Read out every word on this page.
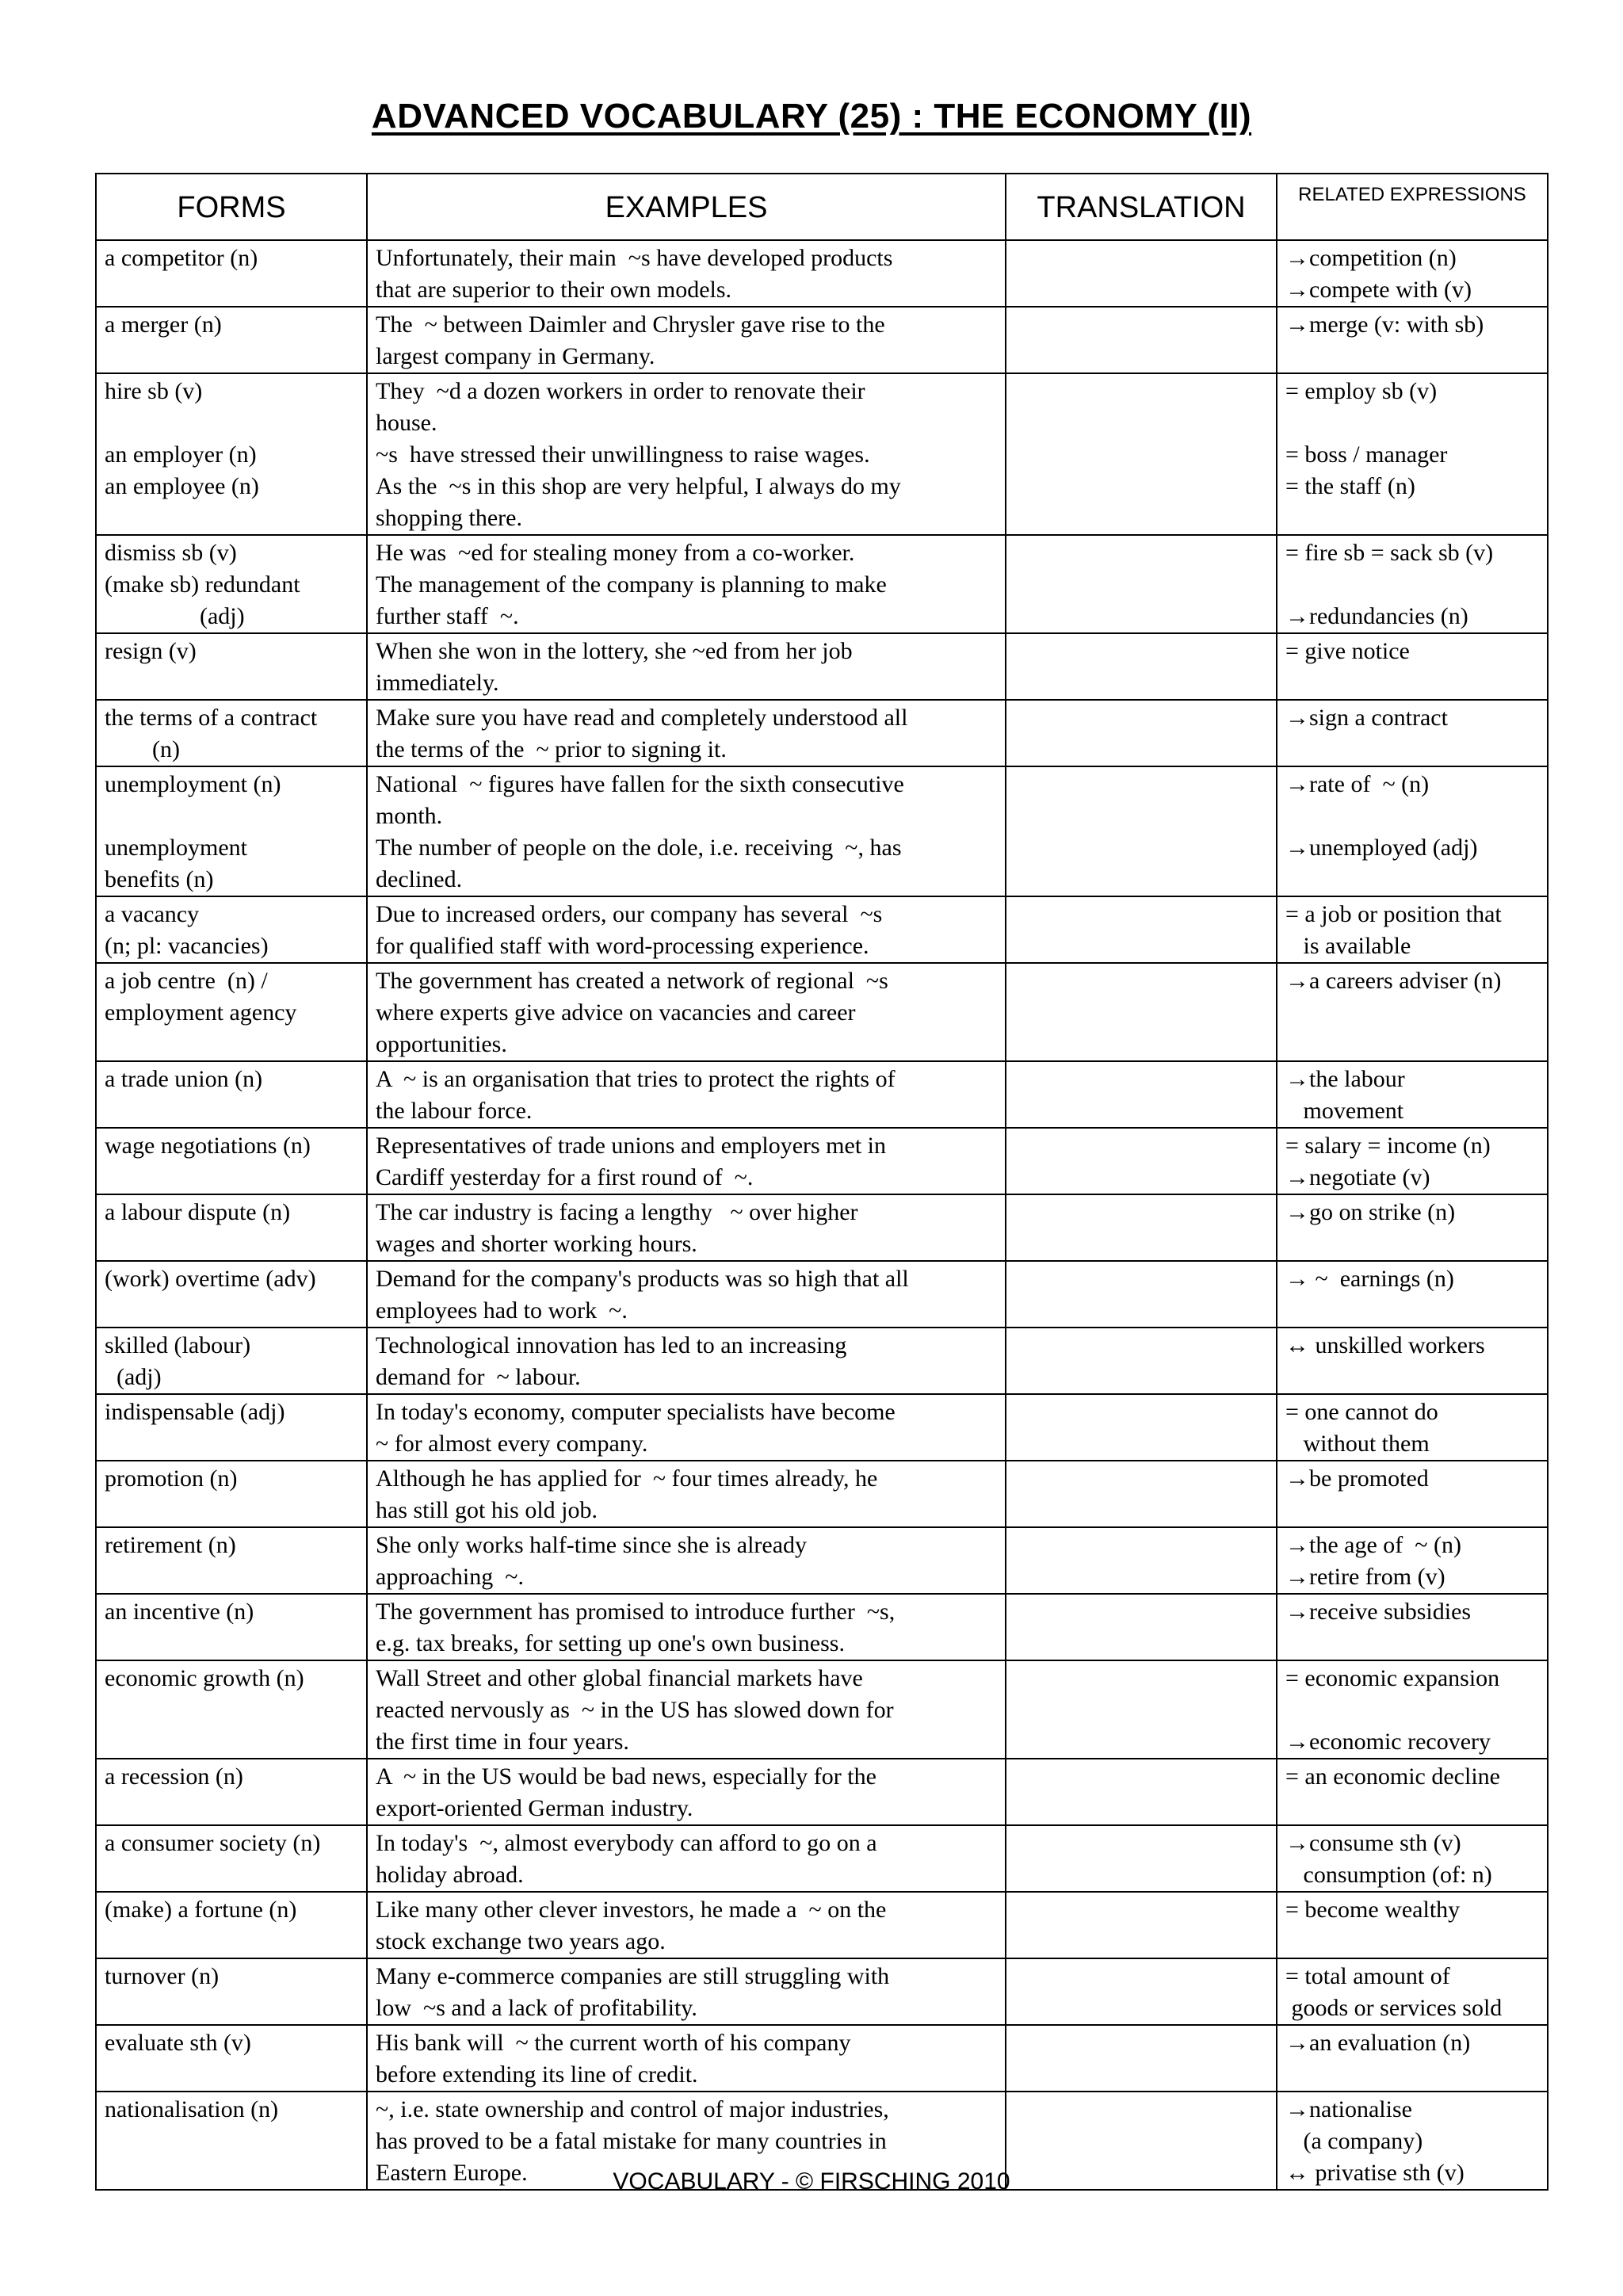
ADVANCED VOCABULARY (25) : THE ECONOMY (II)
FORMS	EXAMPLES	TRANSLATION	RELATED EXPRESSIONS

a competitor (n)	Unfortunately, their main  ~s have developed products
that are superior to their own models.		→competition (n)
→compete with (v)

a merger (n)	The  ~ between Daimler and Chrysler gave rise to the
largest company in Germany.		→merge (v: with sb)

hire sb (v)
an employer (n)
an employee (n)	They  ~d a dozen workers in order to renovate their
house.
~s  have stressed their unwillingness to raise wages.
As the  ~s in this shop are very helpful, I always do my
shopping there.		= employ sb (v)
= boss / manager
= the staff (n)

dismiss sb (v)
(make sb) redundant
(adj)	He was  ~ed for stealing money from a co-worker.
The management of the company is planning to make
further staff  ~.		= fire sb = sack sb (v)
→redundancies (n)

resign (v)	When she won in the lottery, she ~ed from her job
immediately.		= give notice

the terms of a contract
(n)	Make sure you have read and completely understood all
the terms of the  ~ prior to signing it.		→sign a contract

unemployment (n)
unemployment
benefits (n)	National  ~ figures have fallen for the sixth consecutive
month.
The number of people on the dole, i.e. receiving  ~, has
declined.		→rate of  ~ (n)
→unemployed (adj)

a vacancy
(n; pl: vacancies)	Due to increased orders, our company has several  ~s
for qualified staff with word-processing experience.		= a job or position that
is available

a job centre  (n) /
employment agency	The government has created a network of regional  ~s
where experts give advice on vacancies and career
opportunities.		→a careers adviser (n)

a trade union (n)	A  ~ is an organisation that tries to protect the rights of
the labour force.		→the labour
movement

wage negotiations (n)	Representatives of trade unions and employers met in
Cardiff yesterday for a first round of  ~.		= salary = income (n)
→negotiate (v)

a labour dispute (n)	The car industry is facing a lengthy   ~ over higher
wages and shorter working hours.		→go on strike (n)

(work) overtime (adv)	Demand for the company's products was so high that all
employees had to work  ~.		→ ~  earnings (n)

skilled (labour)
(adj)	Technological innovation has led to an increasing
demand for  ~ labour.		↔ unskilled workers

indispensable (adj)	In today's economy, computer specialists have become
~ for almost every company.		= one cannot do
without them

promotion (n)	Although he has applied for  ~ four times already, he
has still got his old job.		→be promoted

retirement (n)	She only works half-time since she is already
approaching  ~.		→the age of  ~ (n)
→retire from (v)

an incentive (n)	The government has promised to introduce further  ~s,
e.g. tax breaks, for setting up one's own business.		→receive subsidies

economic growth (n)	Wall Street and other global financial markets have
reacted nervously as  ~ in the US has slowed down for
the first time in four years.		= economic expansion
→economic recovery

a recession (n)	A  ~ in the US would be bad news, especially for the
export-oriented German industry.		= an economic decline

a consumer society (n)	In today's  ~, almost everybody can afford to go on a
holiday abroad.		→consume sth (v)
consumption (of: n)

(make) a fortune (n)	Like many other clever investors, he made a  ~ on the
stock exchange two years ago.		= become wealthy

turnover (n)	Many e-commerce companies are still struggling with
low  ~s and a lack of profitability.		= total amount of
goods or services sold

evaluate sth (v)	His bank will  ~ the current worth of his company
before extending its line of credit.		→an evaluation (n)

nationalisation (n)	~, i.e. state ownership and control of major industries,
has proved to be a fatal mistake for many countries in
Eastern Europe.		→nationalise
(a company)
↔ privatise sth (v)
VOCABULARY - © FIRSCHING 2010
